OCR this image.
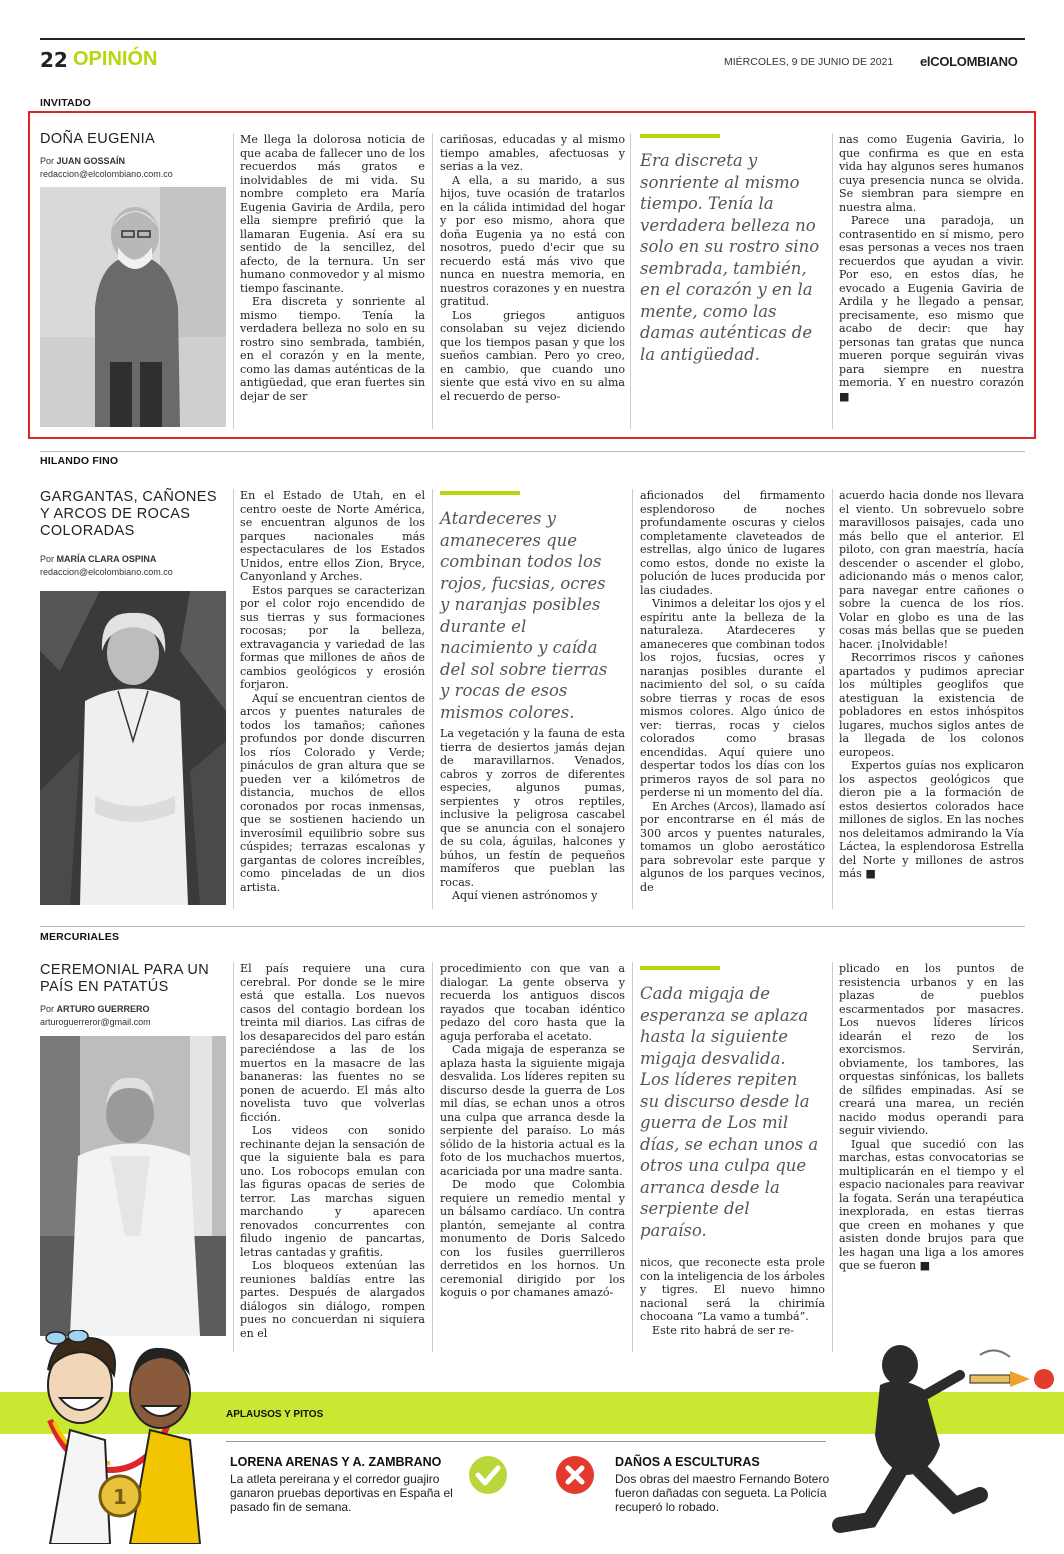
22 OPINIÓN	MIÉRCOLES, 9 DE JUNIO DE 2021 elCOLOMBIANO
INVITADO
DOÑA EUGENIA
Por JUAN GOSSAÍN
redaccion@elcolombiano.com.co

Me llega la dolorosa noticia de que acaba de fallecer uno de los recuerdos más gratos e inolvidables de mi vida. Su nombre completo era María Eugenia Gaviria de Ardila, pero ella siempre prefirió que la llamaran Eugenia. Así era su sentido de la sencillez, del afecto, de la ternura. Un ser humano conmovedor y al mismo tiempo fascinante.

Era discreta y sonriente al mismo tiempo. Tenía la verdadera belleza no solo en su rostro sino sembrada, también, en el corazón y en la mente, como las damas auténticas de la antigüedad, que eran fuertes sin dejar de ser

cariñosas, educadas y al mismo tiempo amables, afectuosas y serias a la vez.

A ella, a su marido, a sus hijos, tuve ocasión de tratarlos en la cálida intimidad del hogar y por eso mismo, ahora que doña Eugenia ya no está con nosotros, puedo d'ecir que su recuerdo está más vivo que nunca en nuestra memoria, en nuestros corazones y en nuestra gratitud.

Los griegos antiguos consolaban su vejez diciendo que los tiempos pasan y que los sueños cambian. Pero yo creo, en cambio, que cuando uno siente que está vivo en su alma el recuerdo de perso-

Era discreta y sonriente al mismo tiempo. Tenía la verdadera belleza no solo en su rostro sino sembrada, también, en el corazón y en la mente, como las damas auténticas de la antigüedad.

nas como Eugenia Gaviria, lo que confirma es que en esta vida hay algunos seres humanos cuya presencia nunca se olvida. Se siembran para siempre en nuestra alma.

Parece una paradoja, un contrasentido en sí mismo, pero esas personas a veces nos traen recuerdos que ayudan a vivir. Por eso, en estos días, he evocado a Eugenia Gaviria de Ardila y he llegado a pensar, precisamente, eso mismo que acabo de decir: que hay personas tan gratas que nunca mueren porque seguirán vivas para siempre en nuestra memoria. Y en nuestro corazón ■

HILANDO FINO
GARGANTAS, CAÑONES Y ARCOS DE ROCAS COLORADAS
Por MARÍA CLARA OSPINA
redaccion@elcolombiano.com.co

En el Estado de Utah, en el centro oeste de Norte América, se encuentran algunos de los parques nacionales más espectaculares de los Estados Unidos, entre ellos Zion, Bryce, Canyonland y Arches.

Estos parques se caracterizan por el color rojo encendido de sus tierras y sus formaciones rocosas; por la belleza, extravagancia y variedad de las formas que millones de años de cambios geológicos y erosión forjaron.

Aquí se encuentran cientos de arcos y puentes naturales de todos los tamaños; cañones profundos por donde discurren los ríos Colorado y Verde; pináculos de gran altura que se pueden ver a kilómetros de distancia, muchos de ellos coronados por rocas inmensas, que se sostienen haciendo un inverosímil equilibrio sobre sus cúspides; terrazas escalonas y gargantas de colores increíbles, como pinceladas de un dios artista.

Atardeceres y amaneceres que combinan todos los rojos, fucsias, ocres y naranjas posibles durante el nacimiento y caída del sol sobre tierras y rocas de esos mismos colores.

La vegetación y la fauna de esta tierra de desiertos jamás dejan de maravillarnos. Venados, cabros y zorros de diferentes especies, algunos pumas, serpientes y otros reptiles, inclusive la peligrosa cascabel que se anuncia con el sonajero de su cola, águilas, halcones y búhos, un festín de pequeños mamíferos que pueblan las rocas.

Aquí vienen astrónomos y

aficionados del firmamento esplendoroso de noches profundamente oscuras y cielos completamente claveteados de estrellas, algo único de lugares como estos, donde no existe la polución de luces producida por las ciudades.

Vinimos a deleitar los ojos y el espíritu ante la belleza de la naturaleza. Atardeceres y amaneceres que combinan todos los rojos, fucsias, ocres y naranjas posibles durante el nacimiento del sol, o su caída sobre tierras y rocas de esos mismos colores. Algo único de ver: tierras, rocas y cielos colorados como brasas encendidas. Aquí quiere uno despertar todos los días con los primeros rayos de sol para no perderse ni un momento del día.

En Arches (Arcos), llamado así por encontrarse en él más de 300 arcos y puentes naturales, tomamos un globo aerostático para sobrevolar este parque y algunos de los parques vecinos, de

acuerdo hacia donde nos llevara el viento. Un sobrevuelo sobre maravillosos paisajes, cada uno más bello que el anterior. El piloto, con gran maestría, hacía descender o ascender el globo, adicionando más o menos calor, para navegar entre cañones o sobre la cuenca de los ríos. Volar en globo es una de las cosas más bellas que se pueden hacer. ¡Inolvidable!

Recorrimos riscos y cañones apartados y pudimos apreciar los múltiples geoglifos que atestiguan la existencia de pobladores en estos inhóspitos lugares, muchos siglos antes de la llegada de los colonos europeos.

Expertos guías nos explicaron los aspectos geológicos que dieron pie a la formación de estos desiertos colorados hace millones de siglos. En las noches nos deleitamos admirando la Vía Láctea, la esplendorosa Estrella del Norte y millones de astros más ■

MERCURIALES
CEREMONIAL PARA UN PAÍS EN PATATÚS
Por ARTURO GUERRERO
arturoguerreror@gmail.com

El país requiere una cura cerebral. Por donde se le mire está que estalla. Los nuevos casos del contagio bordean los treinta mil diarios. Las cifras de los desaparecidos del paro están pareciéndose a las de los muertos en la masacre de las bananeras: las fuentes no se ponen de acuerdo. El más alto novelista tuvo que volverlas ficción.

Los videos con sonido rechinante dejan la sensación de que la siguiente bala es para uno. Los robocops emulan con las figuras opacas de series de terror. Las marchas siguen marchando y aparecen renovados concurrentes con filudo ingenio de pancartas, letras cantadas y grafitis.

Los bloqueos extenúan las reuniones baldías entre las partes. Después de alargados diálogos sin diálogo, rompen pues no concuerdan ni siquiera en el

procedimiento con que van a dialogar. La gente observa y recuerda los antiguos discos rayados que tocaban idéntico pedazo del coro hasta que la aguja perforaba el acetato.

Cada migaja de esperanza se aplaza hasta la siguiente migaja desvalida. Los líderes repiten su discurso desde la guerra de Los mil días, se echan unos a otros una culpa que arranca desde la serpiente del paraíso. Lo más sólido de la historia actual es la foto de los muchachos muertos, acariciada por una madre santa.

De modo que Colombia requiere un remedio mental y un bálsamo cardíaco. Un contra plantón, semejante al contra monumento de Doris Salcedo con los fusiles guerrilleros derretidos en los hornos. Un ceremonial dirigido por los koguis o por chamanes amazó-

Cada migaja de esperanza se aplaza hasta la siguiente migaja desvalida. Los líderes repiten su discurso desde la guerra de Los mil días, se echan unos a otros una culpa que arranca desde la serpiente del paraíso.

nicos, que reconecte esta prole con la inteligencia de los árboles y tigres. El nuevo himno nacional será la chirimía chocoana “La vamo a tumbá”.

Este rito habrá de ser re-

plicado en los puntos de resistencia urbanos y en las plazas de pueblos escarmentados por masacres. Los nuevos líderes líricos idearán el rezo de los exorcismos. Servirán, obviamente, los tambores, las orquestas sinfónicas, los ballets de sílfides empinadas. Así se creará una marea, un recién nacido modus operandi para seguir viviendo.

Igual que sucedió con las marchas, estas convocatorias se multiplicarán en el tiempo y el espacio nacionales para reavivar la fogata. Serán una terapéutica inexplorada, en estas tierras que creen en mohanes y que asisten donde brujos para que les hagan una liga a los amores que se fueron ■

APLAUSOS Y PITOS
1
LORENA ARENAS Y A. ZAMBRANO
La atleta pereirana y el corredor guajiro ganaron pruebas deportivas en España el pasado fin de semana.
DAÑOS A ESCULTURAS
Dos obras del maestro Fernando Botero fueron dañadas con segueta. La Policía recuperó lo robado.
